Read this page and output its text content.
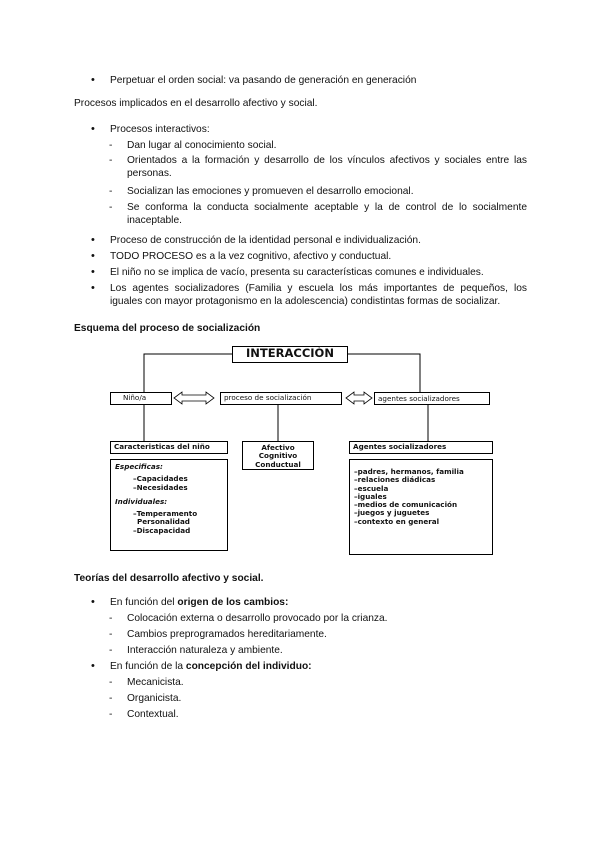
• Perpetuar el orden social: va pasando de generación en generación
Procesos implicados en el desarrollo afectivo y social.
• Procesos interactivos:
- Dan lugar al conocimiento social.
- Orientados a la formación y desarrollo de los vínculos afectivos y sociales entre las personas.
- Socializan las emociones y promueven el desarrollo emocional.
- Se conforma la conducta socialmente aceptable y la de control de lo socialmente inaceptable.
• Proceso de construcción de la identidad personal e individualización.
• TODO PROCESO es a la vez cognitivo, afectivo y conductual.
• El niño no se implica de vacío, presenta su características comunes e individuales.
• Los agentes socializadores (Familia y escuela los más importantes de pequeños, los iguales con mayor protagonismo en la adolescencia) condistintas formas de socializar.
Esquema del proceso de socialización
INTERACCIÓN
Niño/a	proceso de socialización	agentes socializadores
Caracteristicas del niño
Especificas:
–Capacidades
–Necesidades
Individuales:
–Temperamento
Personalidad
–Discapacidad
Afectivo
Cognitivo
Conductual
Agentes socializadores
–padres, hermanos, familia
–relaciones diádicas
–escuela
–iguales
–medios de comunicación
–juegos y juguetes
–contexto en general
Teorías del desarrollo afectivo y social.
• En función del origen de los cambios:
- Colocación externa o desarrollo provocado por la crianza.
- Cambios preprogramados hereditariamente.
- Interacción naturaleza y ambiente.
• En función de la concepción del individuo:
- Mecanicista.
- Organicista.
- Contextual.
